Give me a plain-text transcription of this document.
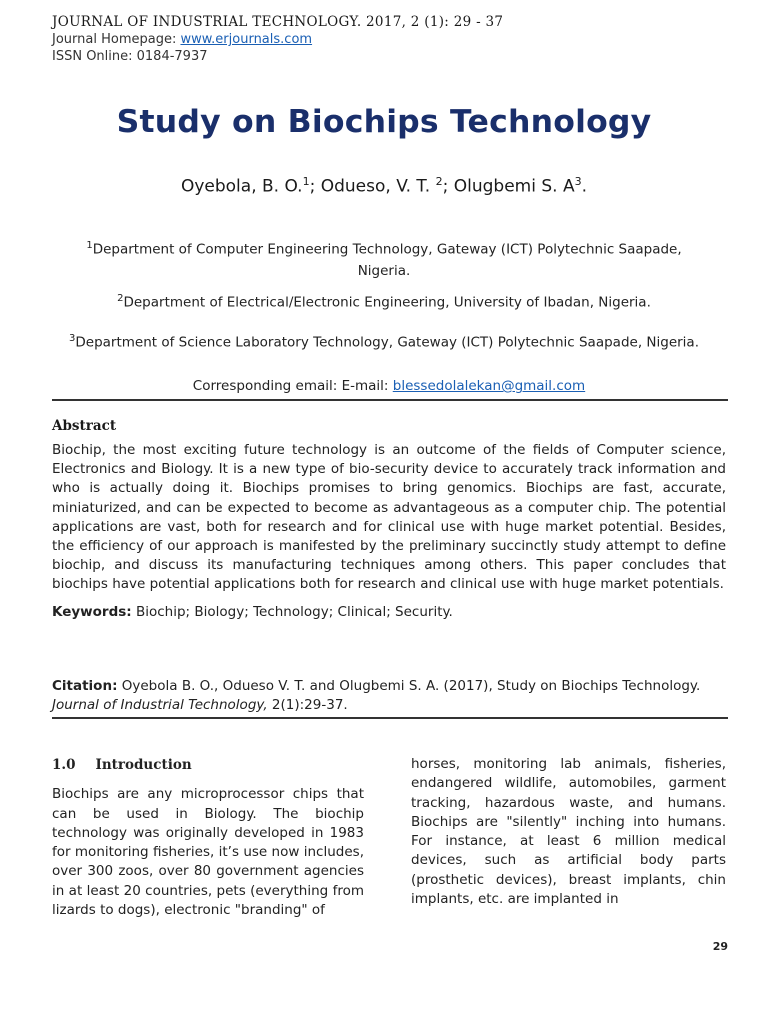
JOURNAL OF INDUSTRIAL TECHNOLOGY. 2017, 2 (1): 29 - 37
Journal Homepage: www.erjournals.com
ISSN Online: 0184-7937
Study on Biochips Technology
Oyebola, B. O.$^1$; Odueso, V. T. $^2$; Olugbemi S. $A^3$.
$^1$Department of Computer Engineering Technology, Gateway (ICT) Polytechnic Saapade, Nigeria.
$^2$Department of Electrical/Electronic Engineering, University of Ibadan, Nigeria.
$^3$Department of Science Laboratory Technology, Gateway (ICT) Polytechnic Saapade, Nigeria.
Corresponding email: E-mail: blessedolalekan@gmail.com
Abstract

Biochip, the most exciting future technology is an outcome of the fields of Computer science, Electronics and Biology. It is a new type of bio-security device to accurately track information and who is actually doing it. Biochips promises to bring genomics. Biochips are fast, accurate, miniaturized, and can be expected to become as advantageous as a computer chip. The potential applications are vast, both for research and for clinical use with huge market potential. Besides, the efficiency of our approach is manifested by the preliminary succinctly study attempt to define biochip, and discuss its manufacturing techniques among others. This paper concludes that biochips have potential applications both for research and clinical use with huge market potentials.

Keywords: Biochip; Biology; Technology; Clinical; Security.
Citation: Oyebola B. O., Odueso V. T. and Olugbemi S. A. (2017), Study on Biochips Technology. Journal of Industrial Technology, 2(1):29-37.
1.0 Introduction

Biochips are any microprocessor chips that can be used in Biology. The biochip technology was originally developed in 1983 for monitoring fisheries, it’s use now includes, over 300 zoos, over 80 government agencies in at least 20 countries, pets (everything from lizards to dogs), electronic "branding" of

horses, monitoring lab animals, fisheries, endangered wildlife, automobiles, garment tracking, hazardous waste, and humans. Biochips are "silently" inching into humans. For instance, at least 6 million medical devices, such as artificial body parts (prosthetic devices), breast implants, chin implants, etc. are implanted in

29
